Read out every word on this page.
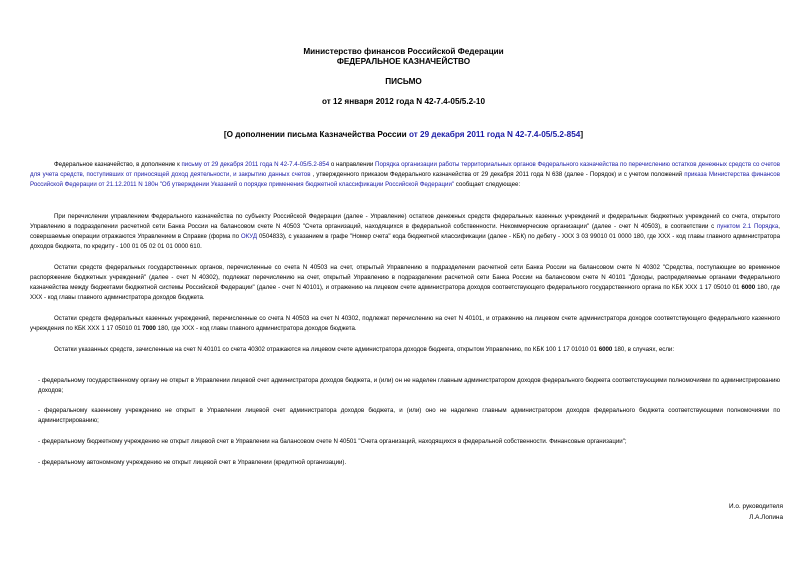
Министерство финансов Российской Федерации
ФЕДЕРАЛЬНОЕ КАЗНАЧЕЙСТВО
ПИСЬМО
от 12 января 2012 года N 42-7.4-05/5.2-10
[О дополнении письма Казначейства России от 29 декабря 2011 года N 42-7.4-05/5.2-854]
Федеральное казначейство, в дополнение к письму от 29 декабря 2011 года N 42-7.4-05/5.2-854 о направлении Порядка организации работы территориальных органов Федерального казначейства по перечислению остатков денежных средств со счетов для учета средств, поступивших от приносящей доход деятельности, и закрытию данных счетов , утвержденного приказом Федерального казначейства от 29 декабря 2011 года N 638 (далее - Порядок) и с учетом положений приказа Министерства финансов Российской Федерации от 21.12.2011 N 180н "Об утверждении Указаний о порядке применения бюджетной классификации Российской Федерации" сообщает следующее:
При перечислении управлением Федерального казначейства по субъекту Российской Федерации (далее - Управление) остатков денежных средств федеральных казенных учреждений и федеральных бюджетных учреждений со счета, открытого Управлению в подразделении расчетной сети Банка России на балансовом счете N 40503 "Счета организаций, находящихся в федеральной собственности. Некоммерческие организации" (далее - счет N 40503), в соответствии с пунктом 2.1 Порядка, совершаемые операции отражаются Управлением в Справке (форма по ОКУД 0504833), с указанием в графе "Номер счета" кода бюджетной классификации (далее - КБК) по дебету - ХХХ 3 03 99010 01 0000 180, где ХХХ - код главы главного администратора доходов бюджета, по кредиту - 100 01 05 02 01 01 0000 610.
Остатки средств федеральных государственных органов, перечисленные со счета N 40503 на счет, открытый Управлению в подразделении расчетной сети Банка России на балансовом счете N 40302 "Средства, поступающие во временное распоряжение бюджетных учреждений" (далее - счет N 40302), подлежат перечислению на счет, открытый Управлению в подразделении расчетной сети Банка России на балансовом счете N 40101 "Доходы, распределяемые органами Федерального казначейства между бюджетами бюджетной системы Российской Федерации" (далее - счет N 40101), и отражению на лицевом счете администратора доходов соответствующего федерального государственного органа по КБК ХХХ 1 17 05010 01 6000 180, где ХХХ - код главы главного администратора доходов бюджета.
Остатки средств федеральных казенных учреждений, перечисленные со счета N 40503 на счет N 40302, подлежат перечислению на счет N 40101, и отражению на лицевом счете администратора доходов соответствующего федерального казенного учреждения по КБК ХХХ 1 17 05010 01 7000 180, где ХХХ - код главы главного администратора доходов бюджета.
Остатки указанных средств, зачисленные на счет N 40101 со счета 40302 отражаются на лицевом счете администратора доходов бюджета, открытом Управлению, по КБК 100 1 17 01010 01 6000 180, в случаях, если:
- федеральному государственному органу не открыт в Управлении лицевой счет администратора доходов бюджета, и (или) он не наделен главным администратором доходов федерального бюджета соответствующими полномочиями по администрированию доходов;
- федеральному казенному учреждению не открыт в Управлении лицевой счет администратора доходов бюджета, и (или) оно не наделено главным администратором доходов федерального бюджета соответствующими полномочиями по администрированию;
- федеральному бюджетному учреждению не открыт лицевой счет в Управлении на балансовом счете N 40501 "Счета организаций, находящихся в федеральной собственности. Финансовые организации";
- федеральному автономному учреждению не открыт лицевой счет в Управлении (кредитной организации).
И.о. руководителя
Л.А.Лопина
